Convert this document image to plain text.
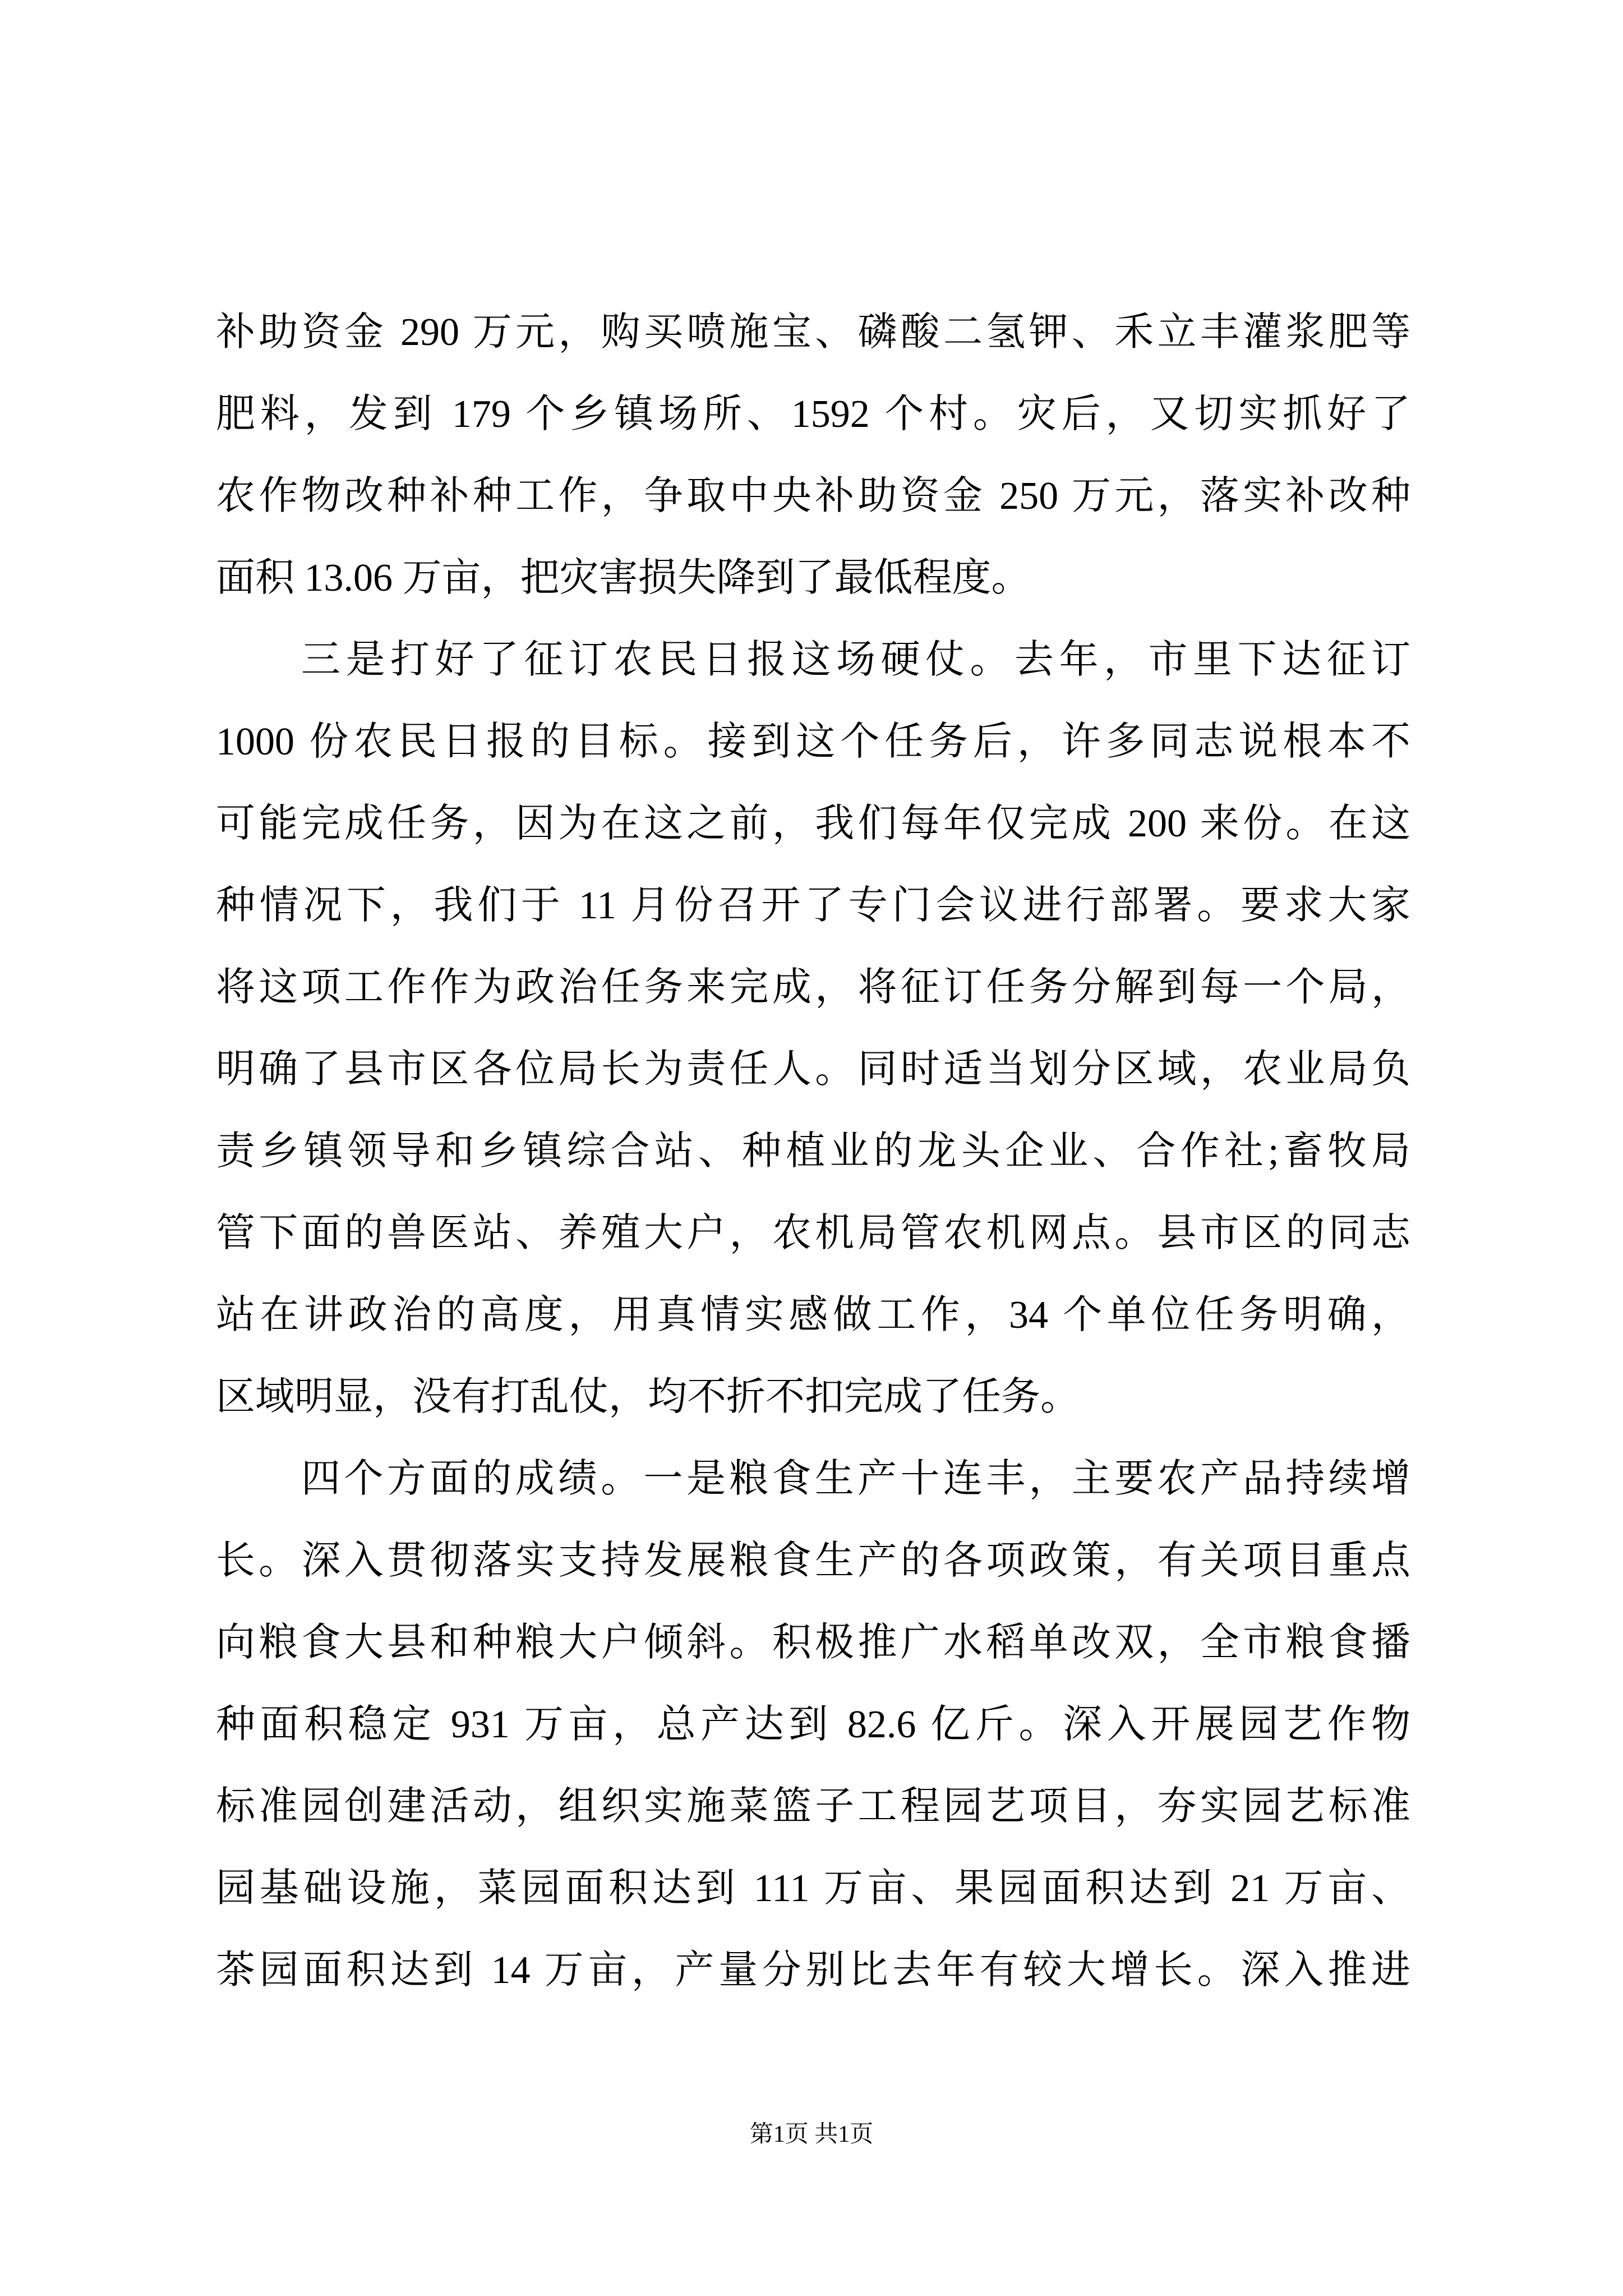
补助资金 290 万元，购买喷施宝、磷酸二氢钾、禾立丰灌浆肥等
肥料，发到 179 个乡镇场所、1592 个村。灾后，又切实抓好了
农作物改种补种工作，争取中央补助资金 250 万元，落实补改种
面积 13.06 万亩，把灾害损失降到了最低程度。
三是打好了征订农民日报这场硬仗。去年，市里下达征订
1000 份农民日报的目标。接到这个任务后，许多同志说根本不
可能完成任务，因为在这之前，我们每年仅完成 200 来份。在这
种情况下，我们于 11 月份召开了专门会议进行部署。要求大家
将这项工作作为政治任务来完成，将征订任务分解到每一个局，
明确了县市区各位局长为责任人。同时适当划分区域，农业局负
责乡镇领导和乡镇综合站、种植业的龙头企业、合作社;畜牧局
管下面的兽医站、养殖大户，农机局管农机网点。县市区的同志
站在讲政治的高度，用真情实感做工作，34 个单位任务明确，
区域明显，没有打乱仗，均不折不扣完成了任务。
四个方面的成绩。一是粮食生产十连丰，主要农产品持续增
长。深入贯彻落实支持发展粮食生产的各项政策，有关项目重点
向粮食大县和种粮大户倾斜。积极推广水稻单改双，全市粮食播
种面积稳定 931 万亩，总产达到 82.6 亿斤。深入开展园艺作物
标准园创建活动，组织实施菜篮子工程园艺项目，夯实园艺标准
园基础设施，菜园面积达到 111 万亩、果园面积达到 21 万亩、
茶园面积达到 14 万亩，产量分别比去年有较大增长。深入推进
第1页 共1页
